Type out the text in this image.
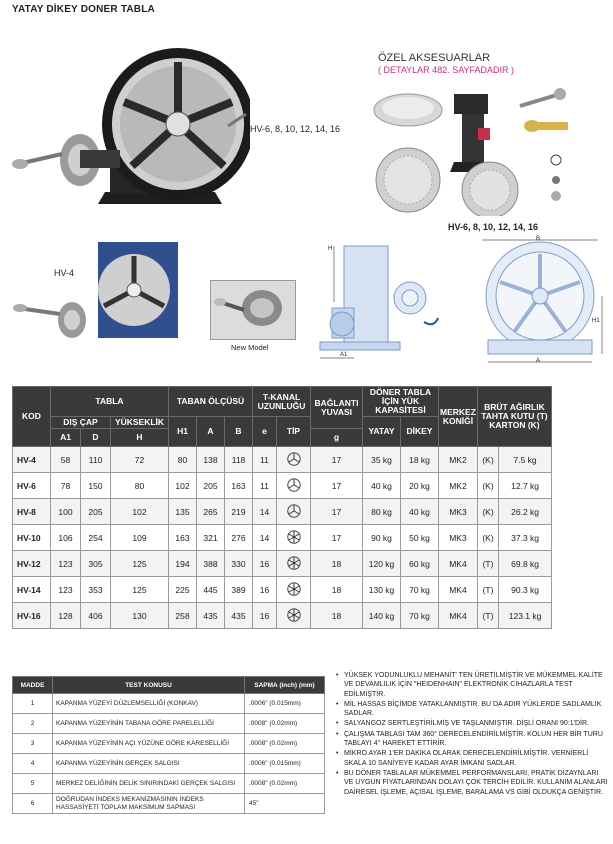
YATAY DİKEY DONER TABLA
HV-6, 8, 10, 12, 14, 16
ÖZEL AKSESUARLAR
( DETAYLAR 482. SAYFADADIR )
HV-4
New Model
H
A1
HV-6, 8, 10, 12, 14, 16
B
A
H1
KOD	TABLA			TABAN ÖLÇÜSÜ			T-KANAL UZUNLUĞU		BAĞLANTI YUVASI	DÖNER TABLA İÇİN YÜK KAPASİTESİ		MERKEZ KONİĞİ	BRÜT AĞIRLIK TAHTA KUTU (T) KARTON (K)	
	DIŞ ÇAP		YÜKSEKLİK	H1	A	B	e	TİP		YATAY	DİKEY			
	A1	D	H						g					
HV-4	58	110	72	80	138	118	11		17	35 kg	18 kg	MK2	(K)	7.5 kg
HV-6	78	150	80	102	205	163	11		17	40 kg	20 kg	MK2	(K)	12.7 kg
HV-8	100	205	102	135	265	219	14		17	80 kg	40 kg	MK3	(K)	26.2 kg
HV-10	106	254	109	163	321	276	14		17	90 kg	50 kg	MK3	(K)	37.3 kg
HV-12	123	305	125	194	388	330	16		18	120 kg	60 kg	MK4	(T)	69.8 kg
HV-14	123	353	125	225	445	389	16		18	130 kg	70 kg	MK4	(T)	90.3 kg
HV-16	128	406	130	258	435	435	16		18	140 kg	70 kg	MK4	(T)	123.1 kg
MADDE	TEST KONUSU	SAPMA (inch) (mm)
1	KAPANMA YÜZEYİ DÜZLEMSELLİĞİ (KONKAV)	.0006" (0.015mm)
2	KAPANMA YÜZEYİNİN TABANA GÖRE PARELELLİĞİ	.0008" (0.02mm)
3	KAPANMA YÜZEYİNİN AÇI YÜZÜNE GÖRE KARESELLİĞİ	.0008" (0.02mm)
4	KAPANMA YÜZEYİNİN GERÇEK SALGISI	.0006" (0.015mm)
5	MERKEZ DELİĞİNİN DELİK SINIRINDAKİ GERÇEK SALGISI	.0008" (0.02mm)
6	DOĞRUDAN İNDEKS MEKANİZMASININ İNDEKS HASSASİYETİ TOPLAM MAKSİMUM SAPMASI	45"
• YÜKSEK YODUNLUKLU MEHANİT' TEN ÜRETİLMİŞTİR VE MÜKEMMEL KALİTE VE DEVAMLILIK İÇİN "HEIDENHAIN" ELEKTRONİK CİHAZLARLA TEST EDİLMİŞTİR.
• MİL HASSAS BİÇİMDE YATAKLANMIŞTIR. BU DA ADIR YÜKLERDE SADLAMLIK SADLAR.
• SALYANGOZ SERTLEŞTİRİLMİŞ VE TAŞLANMIŞTIR. DİŞLİ ORANI 90:1'DİR.
• ÇALIŞMA TABLASI TAM 360° DERECELENDİRİLMİŞTİR. KOLUN HER BİR TURU TABLAYI 4° HAREKET ETTİRİR.
• MİKRO AYAR 1'ER DAKİKA OLARAK DERECELENDİRİLMİŞTİR. VERNİERLİ SKALA 10 SANİYEYE KADAR AYAR İMKANI SADLAR.
• BU DÖNER TABLALAR MÜKEMMEL PERFORMANSLARI, PRATİK DİZAYNLARI VE UYGUN FİYATLARINDAN DOLAYI ÇOK TERCİH EDİLİR. KULLANIM ALANLARI DAİRESEL İŞLEME, AÇISAL İŞLEME, BARALAMA VS GİBİ OLDUKÇA GENİŞTİR.
